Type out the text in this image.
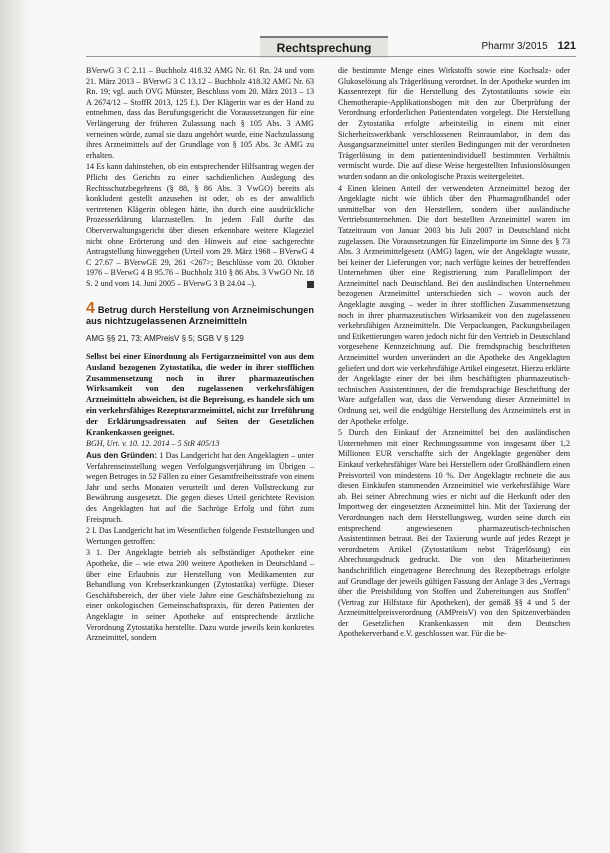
Rechtsprechung	Pharmr 3/2015 121

BVerwG 3 C 2.11 – Buchholz 418.32 AMG Nr. 61 Rn. 24 und vom 21. März 2013 – BVerwG 3 C 13.12 – Buchholz 418.32 AMG Nr. 63 Rn. 19; vgl. auch OVG Münster, Beschluss vom 20. März 2013 – 13 A 2674/12 – StoffR 2013, 125 f.). Der Klägerin war es der Hand zu entnehmen, dass das Berufungsgericht die Voraussetzungen für eine Verlängerung der früheren Zulassung nach § 105 Abs. 3 AMG verneinen würde, zumal sie dazu angehört wurde, eine Nachzulassung ihres Arzneimittels auf der Grundlage von § 105 Abs. 3c AMG zu erhalten.

14 Es kann dahinstehen, ob ein entsprechender Hilfsantrag wegen der Pflicht des Gerichts zu einer sachdienlichen Auslegung des Rechtsschutzbegehrens (§ 88, § 86 Abs. 3 VwGO) bereits als konkludent gestellt anzusehen ist oder, ob es der anwaltlich vertretenen Klägerin oblegen hätte, ihn durch eine ausdrückliche Prozesserklärung klarzustellen. In jedem Fall durfte das Oberverwaltungsgericht über diesen erkennbare weitere Klageziel nicht ohne Erörterung und den Hinweis auf eine sachgerechte Antragstellung hinweggehen (Urteil vom 29. März 1968 – BVerwG 4 C 27.67 – BVerwGE 29, 261 <267>; Beschlüsse vom 20. Oktober 1976 – BVerwG 4 B 95.76 – Buchholz 310 § 86 Abs. 3 VwGO Nr. 18 S. 2 und vom 14. Juni 2005 – BVerwG 3 B 24.04 –).

4 Betrug durch Herstellung von Arzneimischungen aus nichtzugelassenen Arzneimitteln
AMG §§ 21, 73; AMPreisV § 5; SGB V § 129

Selbst bei einer Einordnung als Fertigarzneimittel von aus dem Ausland bezogenen Zytostatika, die weder in ihrer stofflichen Zusammensetzung noch in ihrer pharmazeutischen Wirksamkeit von den zugelassenen verkehrsfähigen Arzneimitteln abweichen, ist die Bepreisung, es handele sich um ein verkehrsfähiges Rezepturarzneimittel, nicht zur Irreführung der Erklärungsadressaten auf Seiten der Gesetzlichen Krankenkassen geeignet.

BGH, Urt. v. 10. 12. 2014 – 5 StR 405/13

Aus den Gründen: 1 Das Landgericht hat den Angeklagten – unter Verfahrenseinstellung wegen Verfolgungsverjährung im Übrigen – wegen Betruges in 52 Fällen zu einer Gesamtfreiheitsstrafe von einem Jahr und sechs Monaten verurteilt und deren Vollstreckung zur Bewährung ausgesetzt. Die gegen dieses Urteil gerichtete Revision des Angeklagten hat auf die Sachrüge Erfolg und führt zum Freispruch.

2 I. Das Landgericht hat im Wesentlichen folgende Feststellungen und Wertungen getroffen:

3 1. Der Angeklagte betrieb als selbständiger Apotheker eine Apotheke, die – wie etwa 200 weitere Apotheken in Deutschland – über eine Erlaubnis zur Herstellung von Medikamenten zur Behandlung von Krebserkrankungen (Zytostatika) verfügte. Dieser Geschäftsbereich, der über viele Jahre eine Geschäftsbeziehung zu einer onkologischen Gemeinschaftspraxis, für deren Patienten der Angeklagte in seiner Apotheke auf entsprechende ärztliche Verordnung Zytostatika herstellte. Dazu wurde jeweils kein konkretes Arzneimittel, sondern

die bestimmte Menge eines Wirkstoffs sowie eine Kochsalz- oder Glukoselösung als Trägerlösung verordnet. In der Apotheke wurden im Kassenrezept für die Herstellung des Zytostatikums sowie ein Chemotherapie-Applikationsbogen mit den zur Überprüfung der Verordnung erforderlichen Patientendaten vorgelegt. Die Herstellung der Zytostatika erfolgte arbeitsteilig in einem mit einer Sicherheitswerkbank verschlossenen Reinraumlabor, in dem das Ausgangsarzneimittel unter sterilen Bedingungen mit der verordneten Trägerlösung in dem patientenindividuell bestimmten Verhältnis vermischt wurde. Die auf diese Weise hergestellten Infusionslösungen wurden sodann an die onkologische Praxis weitergeleitet.

4 Einen kleinen Anteil der verwendeten Arzneimittel bezog der Angeklagte nicht wie üblich über den Pharmagroßhandel oder unmittelbar von den Herstellern, sondern über ausländische Vertriebsunternehmen. Die dort bestellten Arzneimittel waren im Tatzeitraum von Januar 2003 bis Juli 2007 in Deutschland nicht zugelassen. Die Voraussetzungen für Einzelimporte im Sinne des § 73 Abs. 3 Arzneimittelgesetz (AMG) lagen, wie der Angeklagte wusste, bei keiner der Lieferungen vor; nach verfügte keines der betreffenden Unternehmen über eine Registrierung zum Parallelimport der Arzneimittel nach Deutschland. Bei den ausländischen Unternehmen bezogenen Arzneimittel unterschieden sich – wovon auch der Angeklagte ausging – weder in ihrer stofflichen Zusammensetzung noch in ihrer pharmazeutischen Wirksamkeit von den zugelassenen verkehrsfähigen Arzneimitteln. Die Verpackungen, Packungsbeilagen und Etikettierungen waren jedoch nicht für den Vertrieb in Deutschland vorgesehene Kennzeichnung auf. Die fremdsprachig beschrifteten Arzneimittel wurden unverändert an die Apotheke des Angeklagten geliefert und dort wie verkehrsfähige Artikel eingesetzt. Hierzu erklärte der Angeklagte einer der bei ihm beschäftigten pharmazeutisch-technischen Assistentinnen, der die fremdsprachige Beschriftung der Ware aufgefallen war, dass die Verwendung dieser Arzneimittel in Ordnung sei, weil die endgültige Herstellung des Arzneimittels erst in der Apotheke erfolge.

5 Durch den Einkauf der Arzneimittel bei den ausländischen Unternehmen mit einer Rechnungssumme von insgesamt über 1,2 Millionen EUR verschaffte sich der Angeklagte gegenüber dem Einkauf verkehrsfähiger Ware bei Herstellern oder Großhändlern einen Preisvorteil von mindestens 10 %. Der Angeklagte rechnete die aus diesen Einkäufen stammenden Arzneimittel wie verkehrsfähige Ware ab. Bei seiner Abrechnung wies er nicht auf die Herkunft oder den Importweg der eingesetzten Arzneimittel hin. Mit der Taxierung der Verordnungen nach dem Herstellungsweg, wurden seine durch ein entsprechend angewiesenen pharmazeutisch-technischen Assistentinnen betraut. Bei der Taxierung wurde auf jedes Rezept je verordnetem Artikel (Zytostatikum nebst Trägerlösung) ein Abrechnungsdruck gedruckt. Die von den Mitarbeiterinnen handschriftlich eingetragene Berechnung des Rezeptbetrags erfolgte auf Grundlage der jeweils gültigen Fassung der Anlage 3 des „Vertrags über die Preisbildung von Stoffen und Zubereitungen aus Stoffen" (Vertrag zur Hilfstaxe für Apotheken), der gemäß §§ 4 und 5 der Arzneimittelpreisverordnung (AMPreisV) von den Spitzenverbänden der Gesetzlichen Krankenkassen mit dem Deutschen Apothekerverband e.V. geschlossen war. Für die be-
